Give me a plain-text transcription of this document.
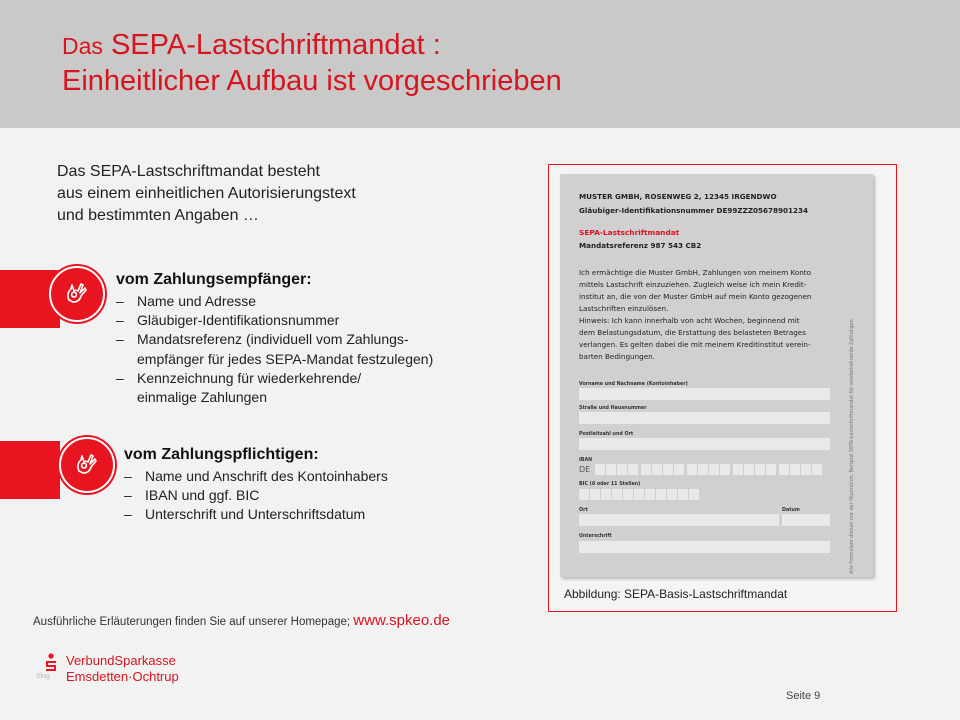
Das SEPA-Lastschriftmandat :
Einheitlicher Aufbau ist vorgeschrieben
Das SEPA-Lastschriftmandat besteht
aus einem einheitlichen Autorisierungstext
und bestimmten Angaben …
vom Zahlungsempfänger:
– Name und Adresse
– Gläubiger-Identifikationsnummer
– Mandatsreferenz (individuell vom Zahlungs-
empfänger für jedes SEPA-Mandat festzulegen)
– Kennzeichnung für wiederkehrende/
einmalige Zahlungen
vom Zahlungspflichtigen:
– Name und Anschrift des Kontoinhabers
– IBAN und ggf. BIC
– Unterschrift und Unterschriftsdatum
MUSTER GMBH, ROSENWEG 2, 12345 IRGENDWO
Gläubiger-Identifikationsnummer DE99ZZZ05678901234
SEPA-Lastschriftmandat
Mandatsreferenz 987 543 CB2
Ich ermächtige die Muster GmbH, Zahlungen von meinem Konto
mittels Lastschrift einzuziehen. Zugleich weise ich mein Kredit-
institut an, die von der Muster GmbH auf mein Konto gezogenen
Lastschriften einzulösen.
Hinweis: Ich kann innerhalb von acht Wochen, beginnend mit
dem Belastungsdatum, die Erstattung des belasteten Betrages
verlangen. Es gelten dabei die mit meinem Kreditinstitut verein-
barten Bedingungen.
Vorname und Nachname (Kontoinhaber)
Straße und Hausnummer
Postleitzahl und Ort
IBAN
DE
BIC (8 oder 11 Stellen)
Ort	Datum
Unterschrift	Alle Formulare dienen nur der Illustration. Beispiel SEPA-Lastschriftmandat für wiederkehrende Zahlungen
Abbildung: SEPA-Basis-Lastschriftmandat
Ausführliche Erläuterungen finden Sie auf unserer Homepage; www.spkeo.de
VerbundSparkasse
Emsdetten·Ochtrup
Slog
Seite 9
